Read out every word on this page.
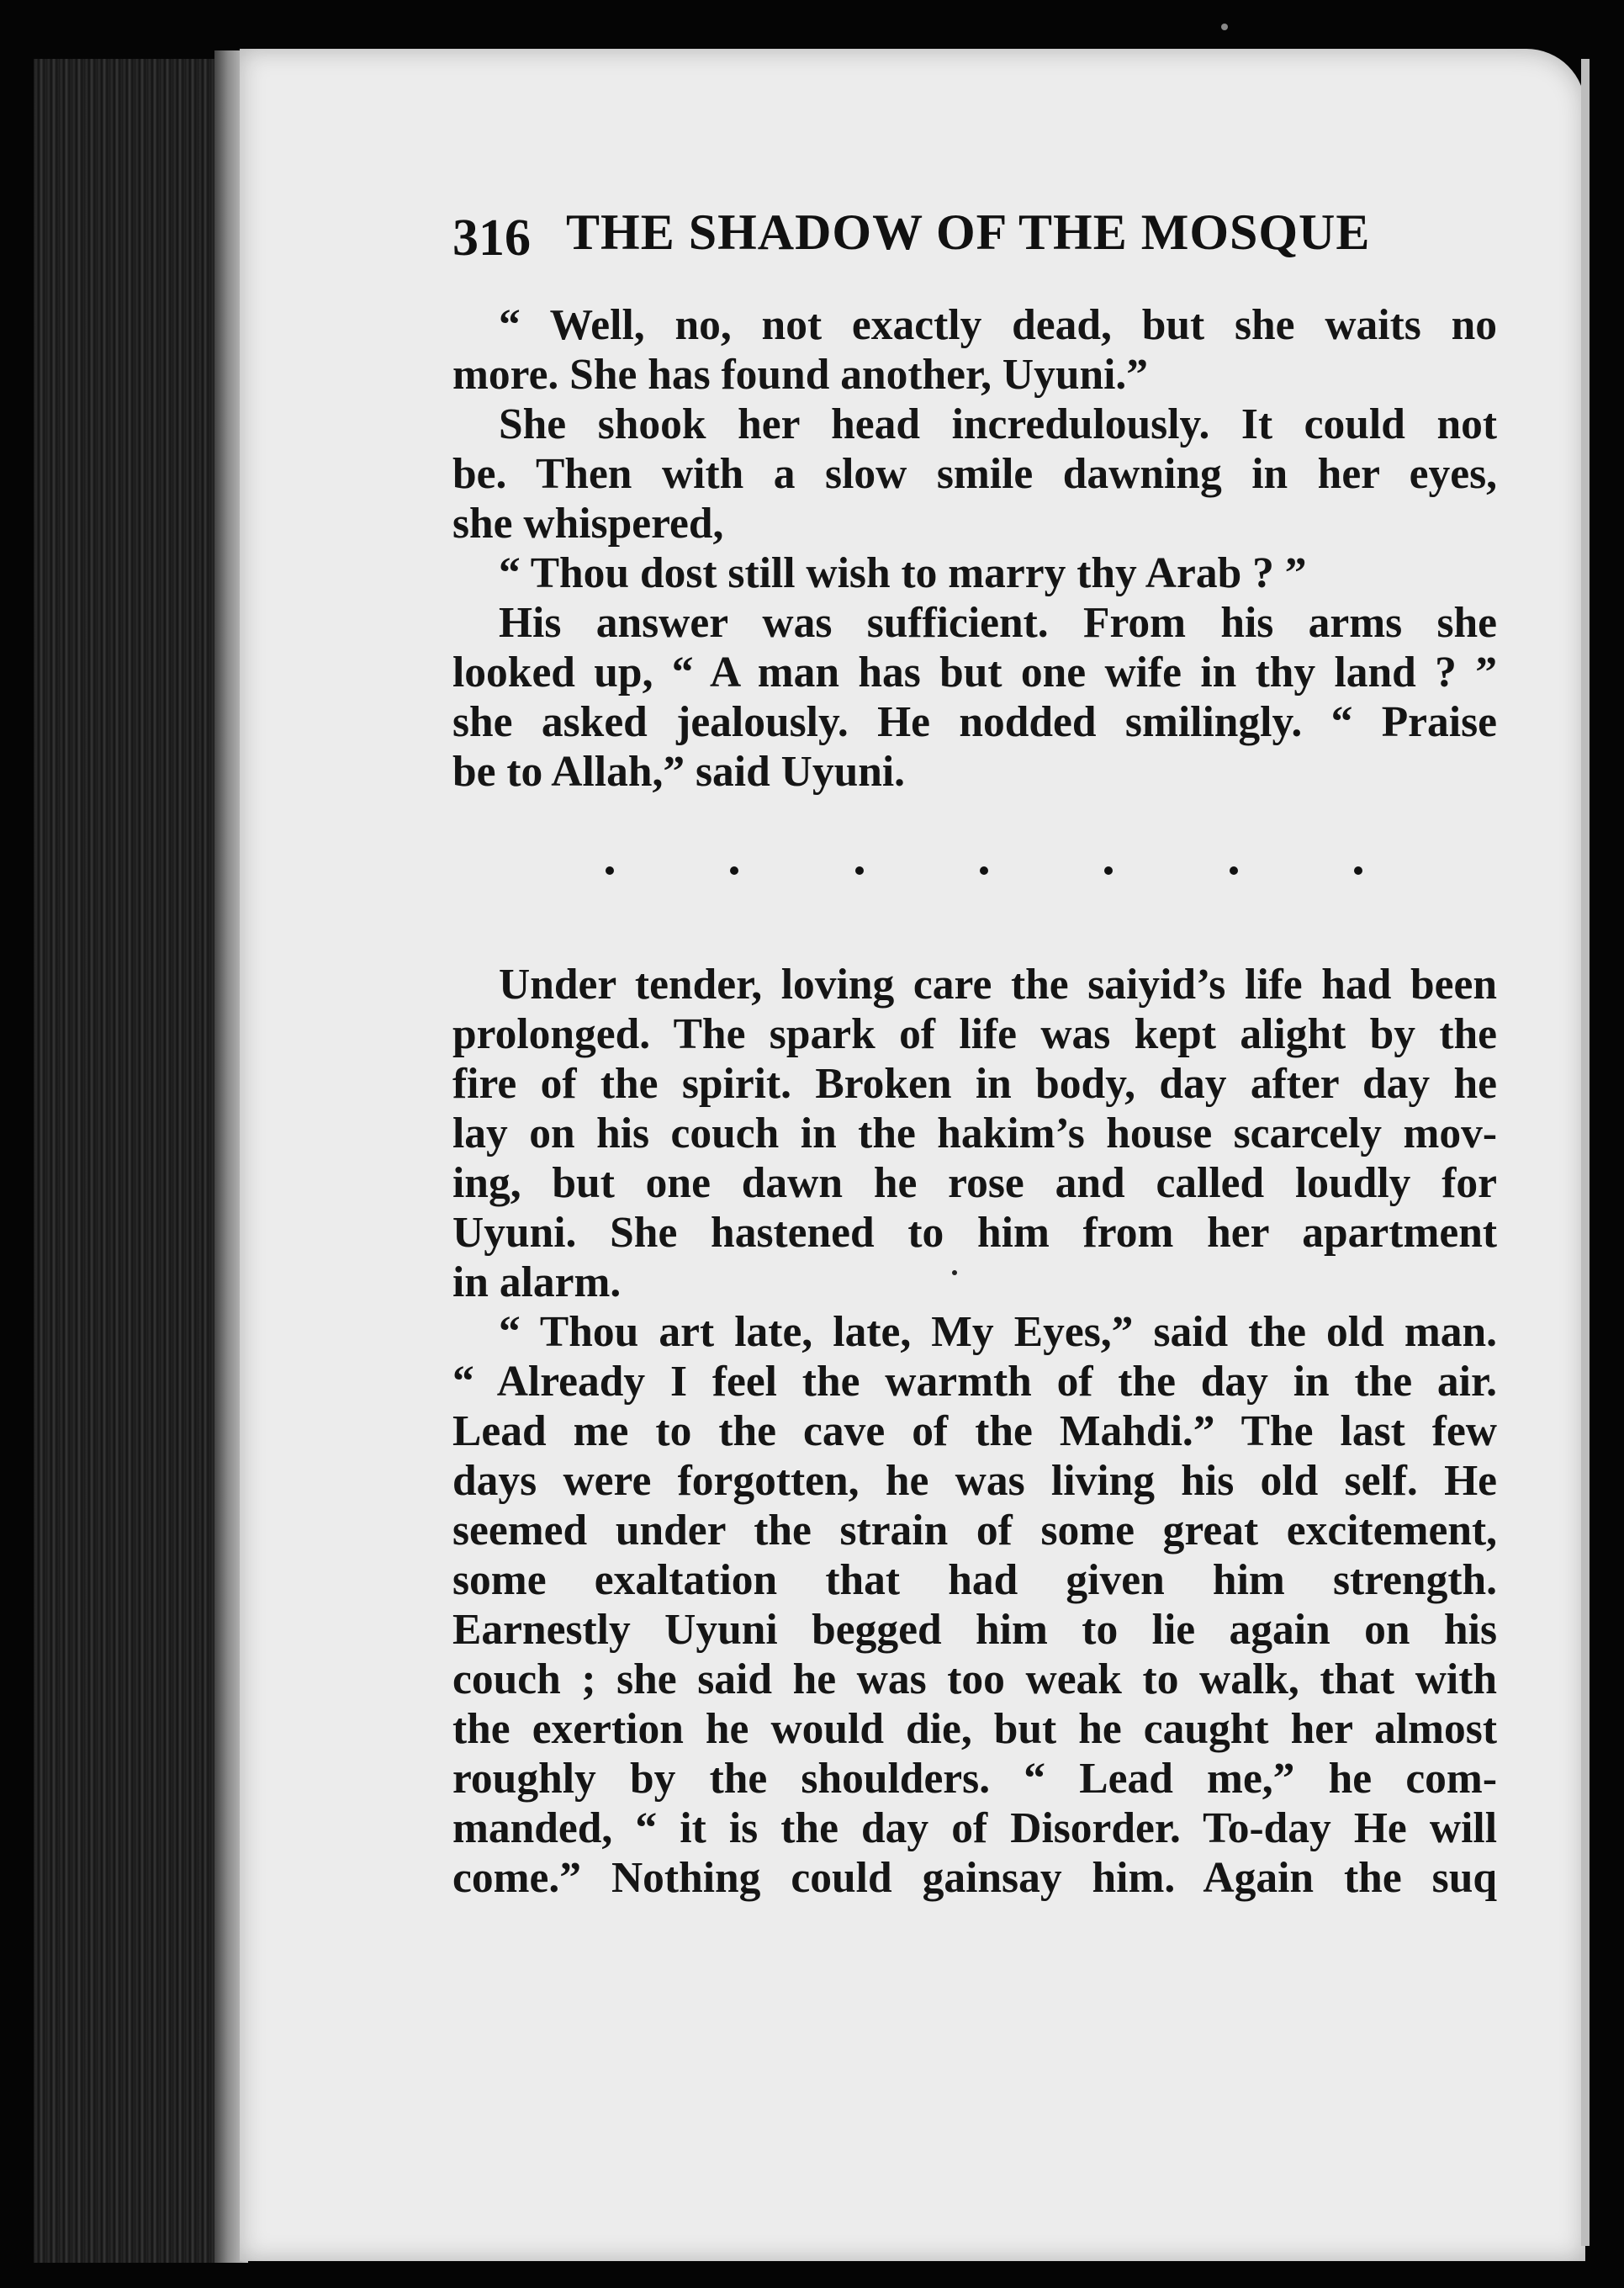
316 THE SHADOW OF THE MOSQUE
“ Well, no, not exactly dead, but she waits no
more. She has found another, Uyuni.”
She shook her head incredulously. It could not
be. Then with a slow smile dawning in her eyes,
she whispered,
“ Thou dost still wish to marry thy Arab ? ”
His answer was sufficient. From his arms she
looked up, “ A man has but one wife in thy land ? ”
she asked jealously. He nodded smilingly. “ Praise
be to Allah,” said Uyuni.
Under tender, loving care the saiyid’s life had been
prolonged. The spark of life was kept alight by the
fire of the spirit. Broken in body, day after day he
lay on his couch in the hakim’s house scarcely mov-
ing, but one dawn he rose and called loudly for
Uyuni. She hastened to him from her apartment
in alarm.
“ Thou art late, late, My Eyes,” said the old man.
“ Already I feel the warmth of the day in the air.
Lead me to the cave of the Mahdi.” The last few
days were forgotten, he was living his old self. He
seemed under the strain of some great excitement,
some exaltation that had given him strength.
Earnestly Uyuni begged him to lie again on his
couch ; she said he was too weak to walk, that with
the exertion he would die, but he caught her almost
roughly by the shoulders. “ Lead me,” he com-
manded, “ it is the day of Disorder. To-day He will
come.” Nothing could gainsay him. Again the suq
